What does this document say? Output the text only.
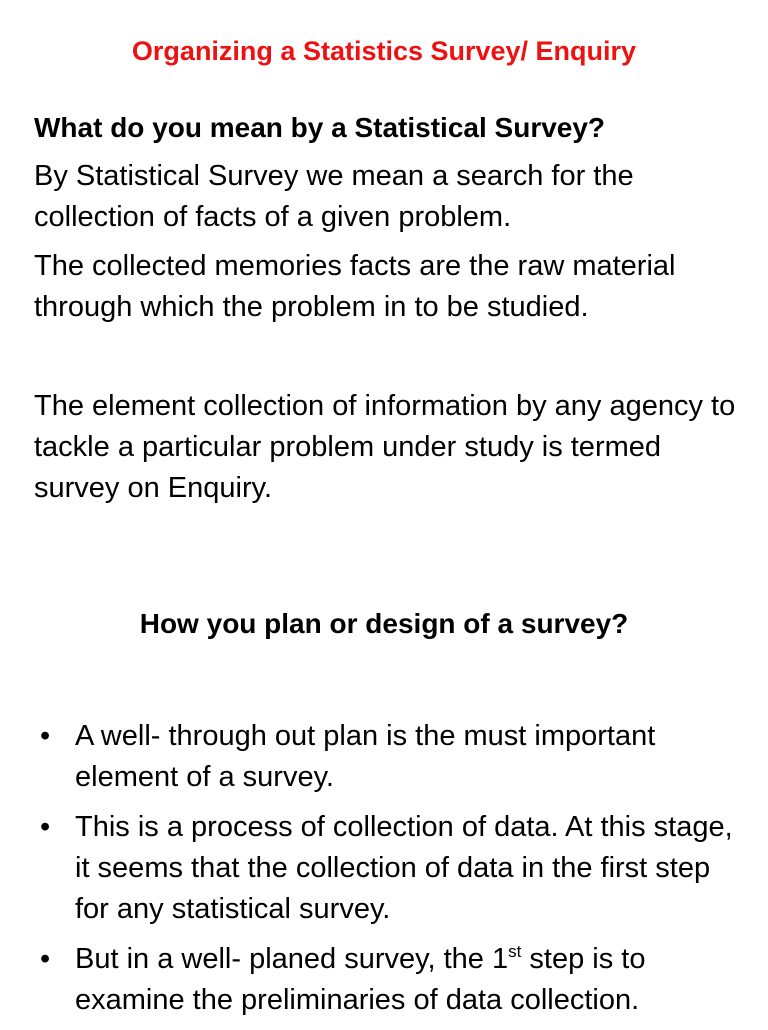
Organizing a Statistics Survey/ Enquiry
What do you mean by a Statistical Survey?
By Statistical Survey we mean a search for the collection of facts of a given problem.
The collected memories facts are the raw material through which the problem in to be studied.
The element collection of information by any agency to tackle a particular problem under study is termed survey on Enquiry.
How you plan or design of a survey?
• A well- through out plan is the must important element of a survey.
• This is a process of collection of data. At this stage, it seems that the collection of data in the first step for any statistical survey.
• But in a well- planed survey, the 1st step is to examine the preliminaries of data collection.
